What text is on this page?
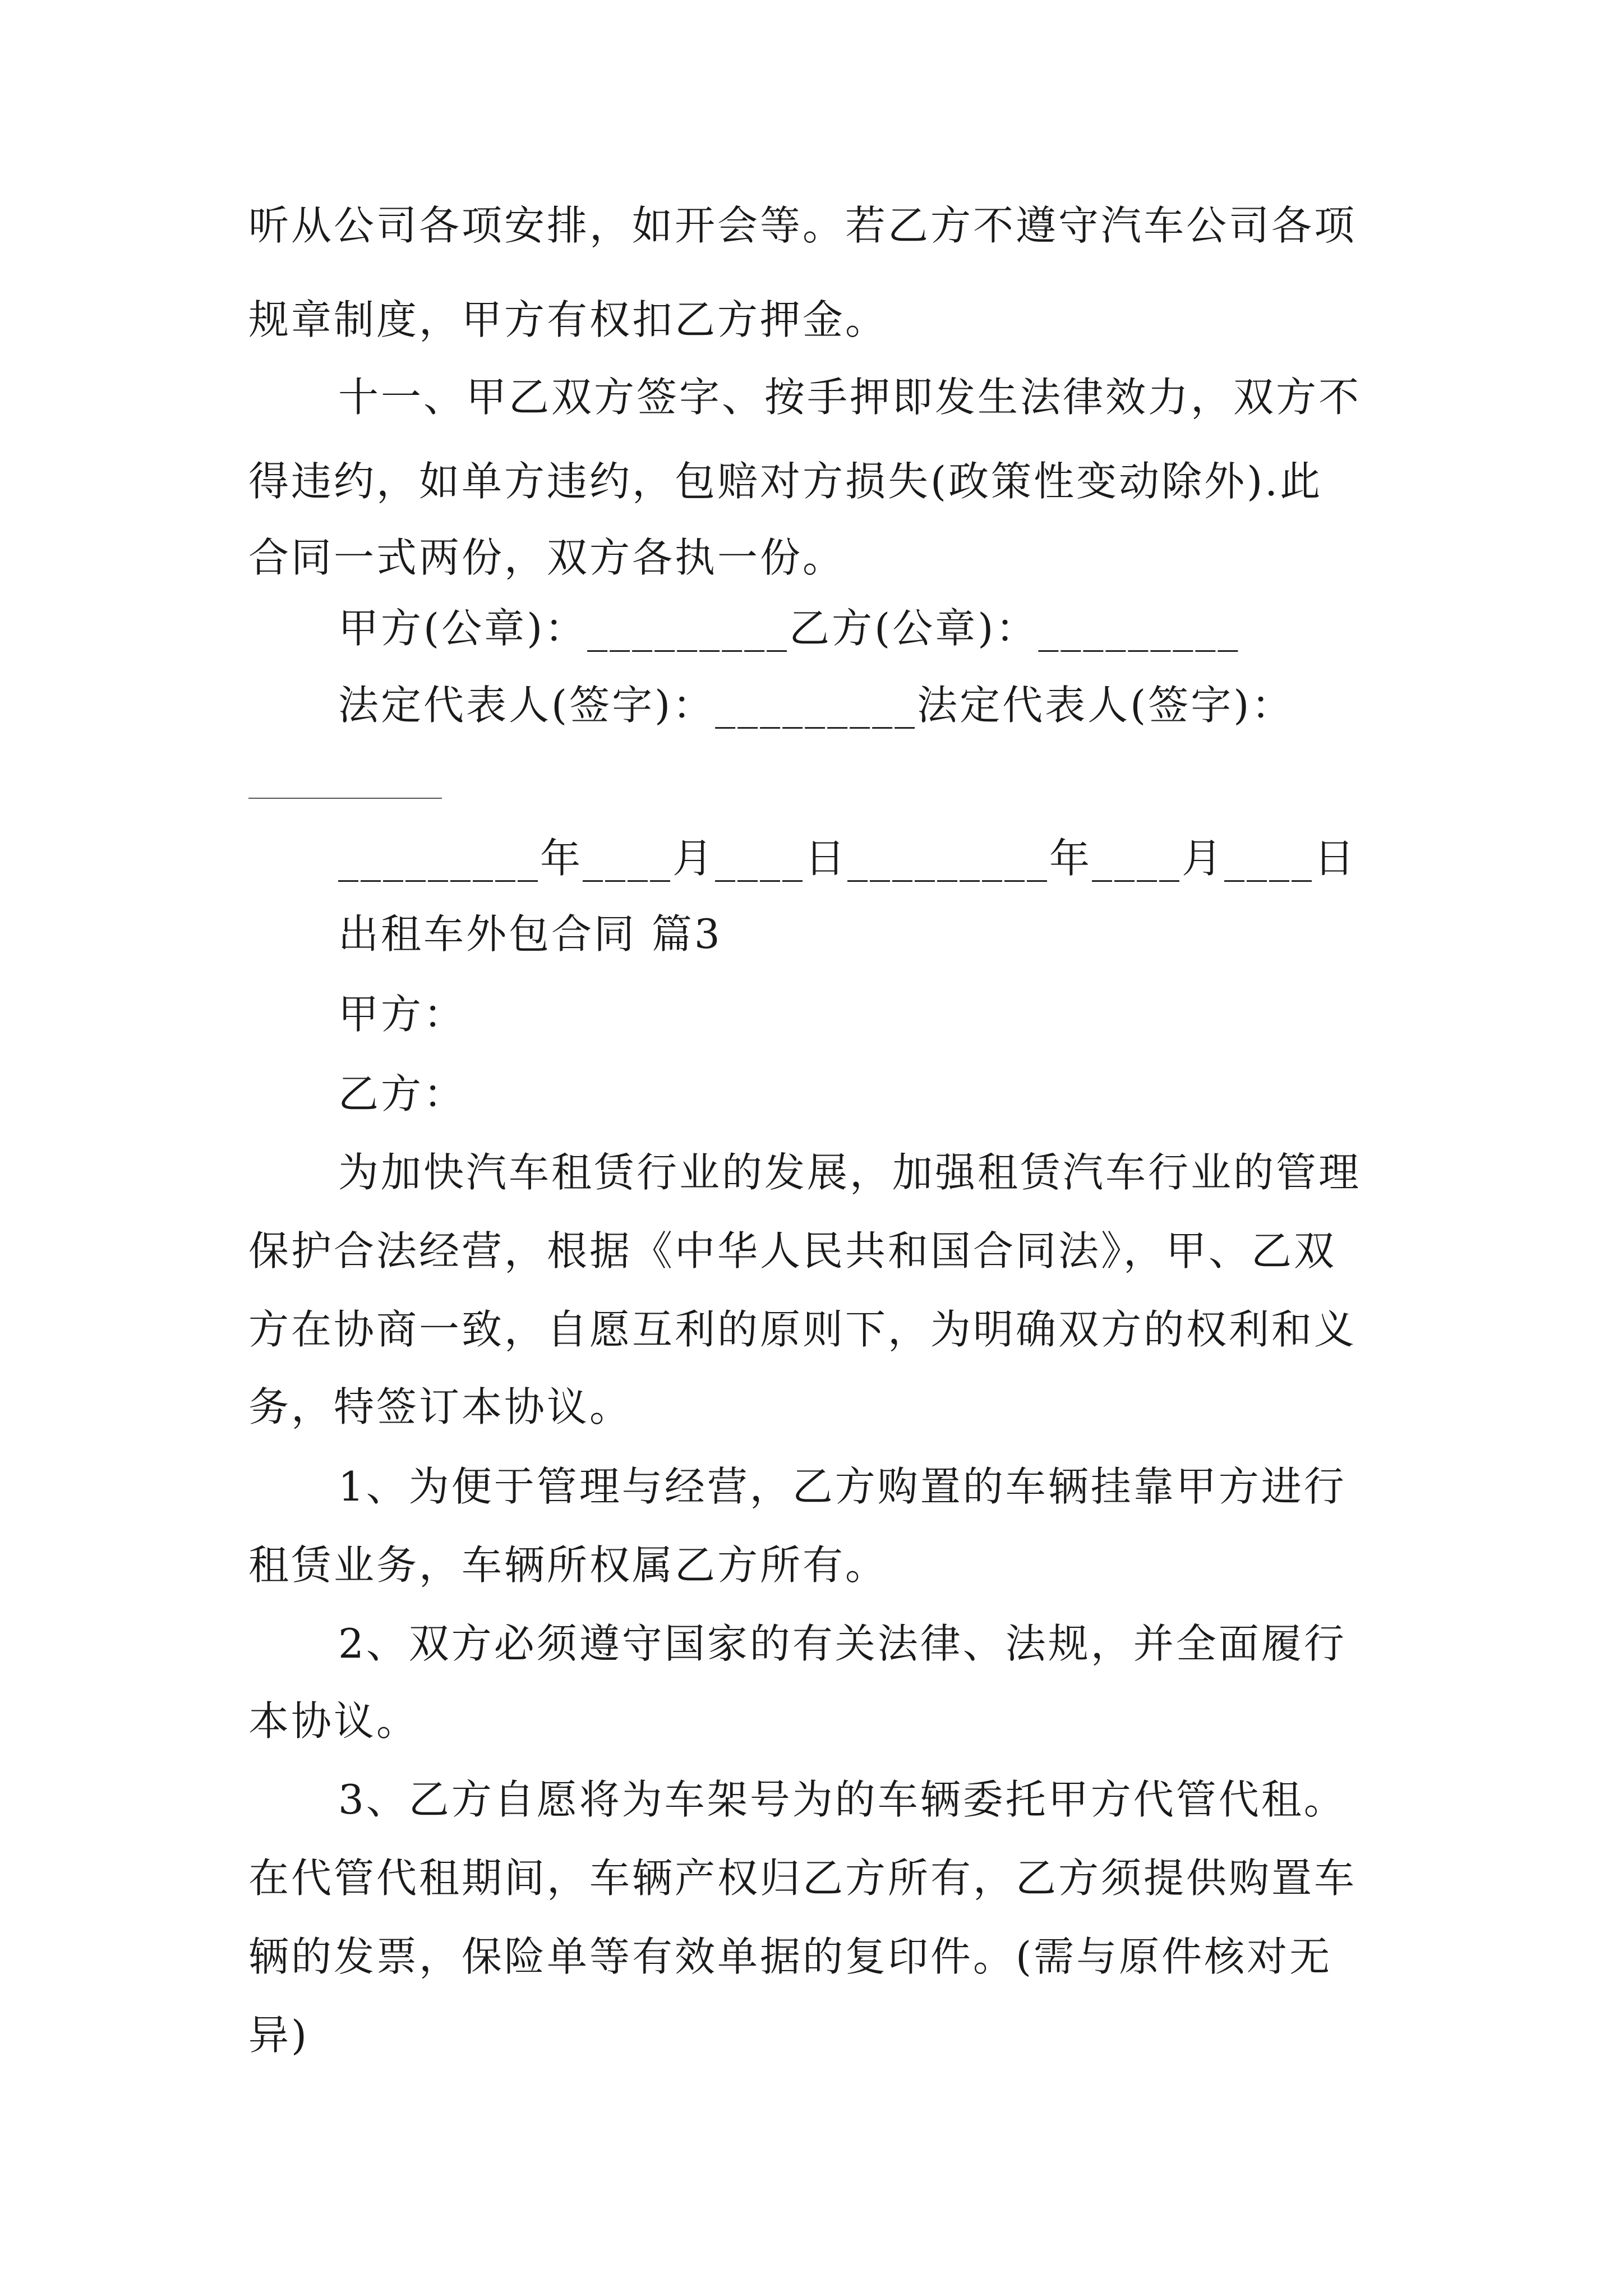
听从公司各项安排，如开会等。若乙方不遵守汽车公司各项
规章制度，甲方有权扣乙方押金。
十一、甲乙双方签字、按手押即发生法律效力，双方不
得违约，如单方违约，包赔对方损失(政策性变动除外).此
合同一式两份，双方各执一份。
甲方(公章)：_________乙方(公章)：_________
法定代表人(签字)：_________法定代表人(签字)：
_________年____月____日_________年____月____日
出租车外包合同 篇3
甲方：
乙方：
为加快汽车租赁行业的发展，加强租赁汽车行业的管理
保护合法经营，根据《中华人民共和国合同法》，甲、乙双
方在协商一致，自愿互利的原则下，为明确双方的权利和义
务，特签订本协议。
1、为便于管理与经营，乙方购置的车辆挂靠甲方进行
租赁业务，车辆所权属乙方所有。
2、双方必须遵守国家的有关法律、法规，并全面履行
本协议。
3、乙方自愿将为车架号为的车辆委托甲方代管代租。
在代管代租期间，车辆产权归乙方所有，乙方须提供购置车
辆的发票，保险单等有效单据的复印件。(需与原件核对无
异)
